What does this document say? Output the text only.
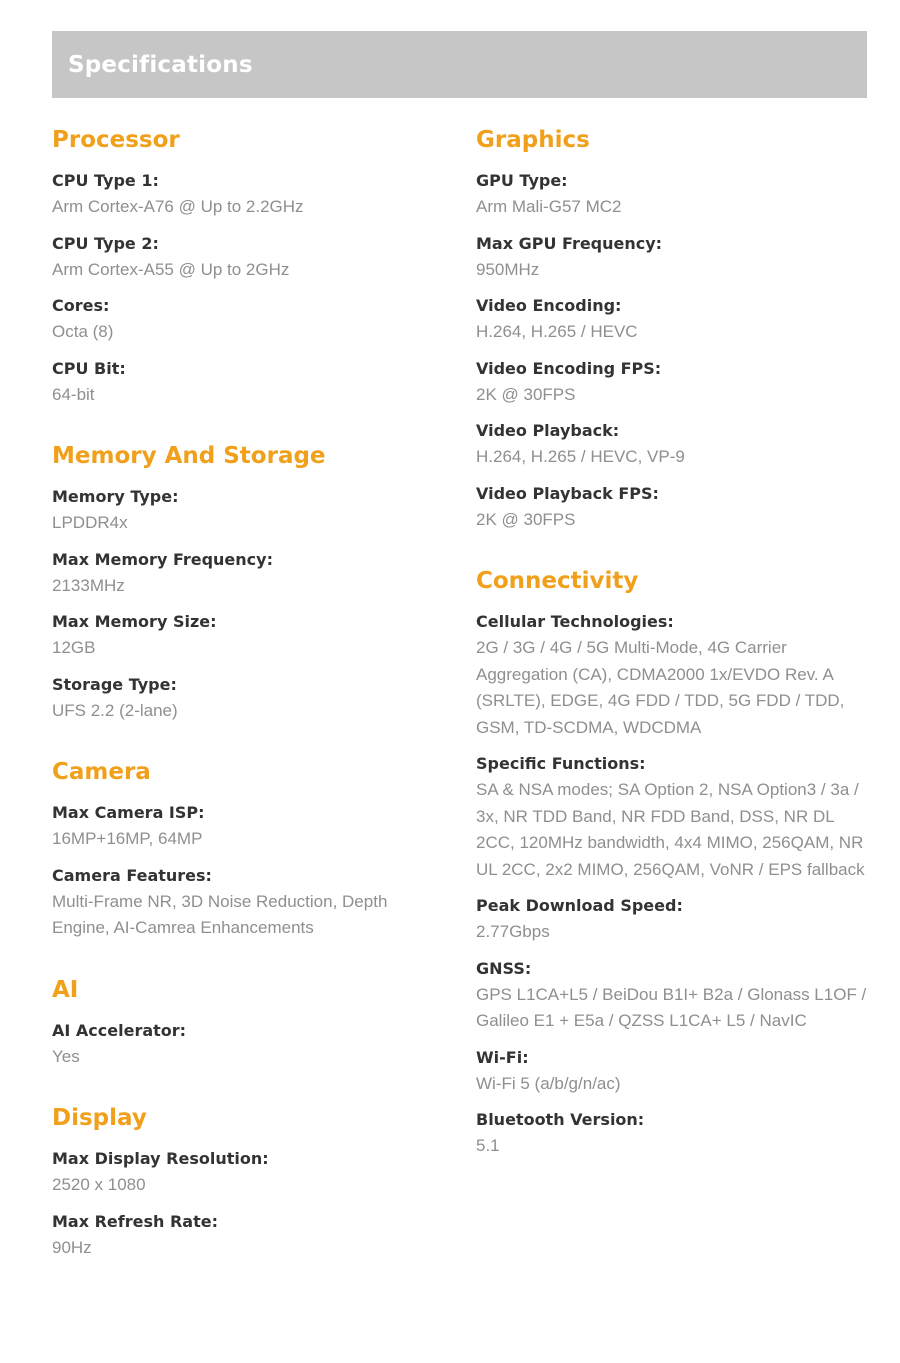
Specifications
Processor

CPU Type 1:

Arm Cortex-A76 @ Up to 2.2GHz

CPU Type 2:

Arm Cortex-A55 @ Up to 2GHz

Cores:

Octa (8)

CPU Bit:

64-bit

Memory And Storage

Memory Type:

LPDDR4x

Max Memory Frequency:

2133MHz

Max Memory Size:

12GB

Storage Type:

UFS 2.2 (2-lane)

Camera

Max Camera ISP:

16MP+16MP, 64MP

Camera Features:

Multi-Frame NR, 3D Noise Reduction, Depth Engine, AI-Camrea Enhancements

AI

AI Accelerator:

Yes

Display

Max Display Resolution:

2520 x 1080

Max Refresh Rate:

90Hz

Graphics

GPU Type:

Arm Mali-G57 MC2

Max GPU Frequency:

950MHz

Video Encoding:

H.264, H.265 / HEVC

Video Encoding FPS:

2K @ 30FPS

Video Playback:

H.264, H.265 / HEVC, VP-9

Video Playback FPS:

2K @ 30FPS

Connectivity

Cellular Technologies:

2G / 3G / 4G / 5G Multi-Mode, 4G Carrier Aggregation (CA), CDMA2000 1x/EVDO Rev. A (SRLTE), EDGE, 4G FDD / TDD, 5G FDD / TDD, GSM, TD-SCDMA, WDCDMA

Specific Functions:

SA & NSA modes; SA Option 2, NSA Option3 / 3a / 3x, NR TDD Band, NR FDD Band, DSS, NR DL 2CC, 120MHz bandwidth, 4x4 MIMO, 256QAM, NR UL 2CC, 2x2 MIMO, 256QAM, VoNR / EPS fallback

Peak Download Speed:

2.77Gbps

GNSS:

GPS L1CA+L5 / BeiDou B1I+ B2a / Glonass L1OF / Galileo E1 + E5a / QZSS L1CA+ L5 / NavIC

Wi-Fi:

Wi-Fi 5 (a/b/g/n/ac)

Bluetooth Version:

5.1
